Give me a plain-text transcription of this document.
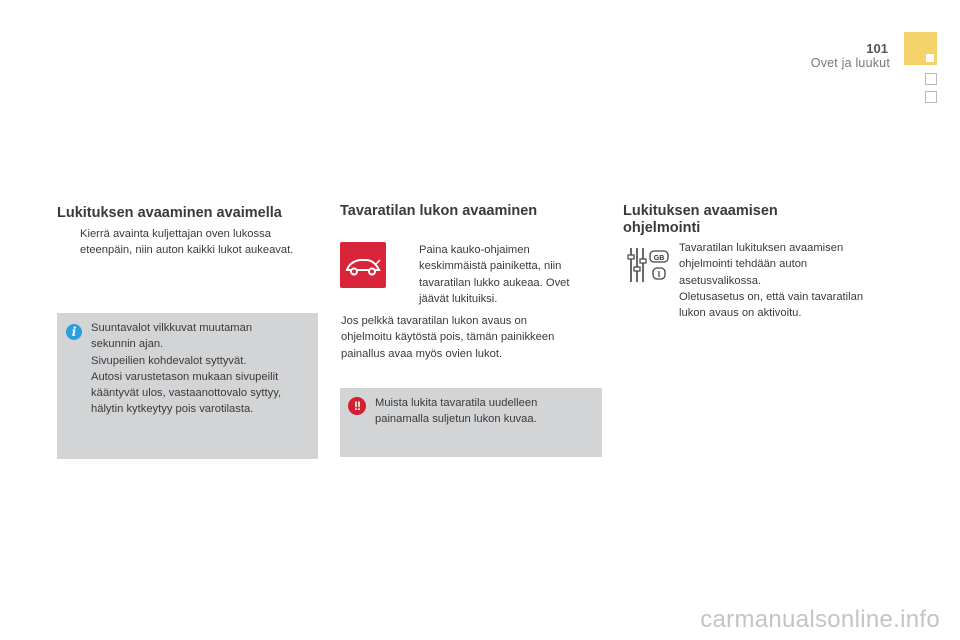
101
Ovet ja luukut
Lukituksen avaaminen avaimella
Kierrä avainta kuljettajan oven lukossa
eteenpäin, niin auton kaikki lukot aukeavat.
i	Suuntavalot vilkkuvat muutaman
sekunnin ajan.
Sivupeilien kohdevalot syttyvät.
Autosi varustetason mukaan sivupeilit
kääntyvät ulos, vastaanottovalo syttyy,
hälytin kytkeytyy pois varotilasta.
Tavaratilan lukon avaaminen
Paina kauko-ohjaimen
keskimmäistä painiketta, niin
tavaratilan lukko aukeaa. Ovet
jäävät lukituiksi.
Jos pelkkä tavaratilan lukon avaus on
ohjelmoitu käytöstä pois, tämän painikkeen
painallus avaa myös ovien lukot.
!!	Muista lukita tavaratila uudelleen
painamalla suljetun lukon kuvaa.
Lukituksen avaamisen
ohjelmointi
GB
I
Tavaratilan lukituksen avaamisen
ohjelmointi tehdään auton
asetusvalikossa.
Oletusasetus on, että vain tavaratilan
lukon avaus on aktivoitu.
carmanualsonline.info
